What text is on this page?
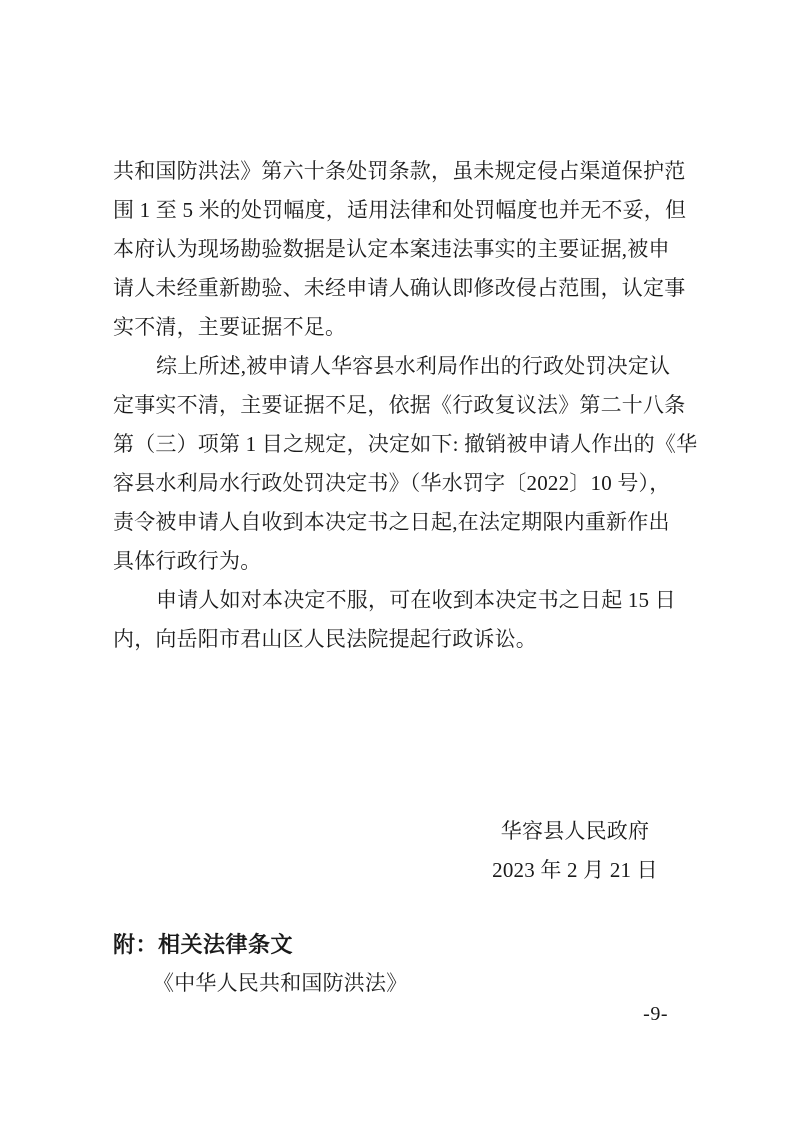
共和国防洪法》第六十条处罚条款，虽未规定侵占渠道保护范
围 1 至 5 米的处罚幅度，适用法律和处罚幅度也并无不妥，但
本府认为现场勘验数据是认定本案违法事实的主要证据,被申
请人未经重新勘验、未经申请人确认即修改侵占范围，认定事
实不清，主要证据不足。
综上所述,被申请人华容县水利局作出的行政处罚决定认
定事实不清，主要证据不足，依据《行政复议法》第二十八条
第（三）项第 1 目之规定，决定如下: 撤销被申请人作出的《华
容县水利局水行政处罚决定书》（华水罚字〔2022〕10 号），
责令被申请人自收到本决定书之日起,在法定期限内重新作出
具体行政行为。
申请人如对本决定不服，可在收到本决定书之日起 15 日
内，向岳阳市君山区人民法院提起行政诉讼。
华容县人民政府
2023 年 2 月 21 日
附：相关法律条文
《中华人民共和国防洪法》
-9-
